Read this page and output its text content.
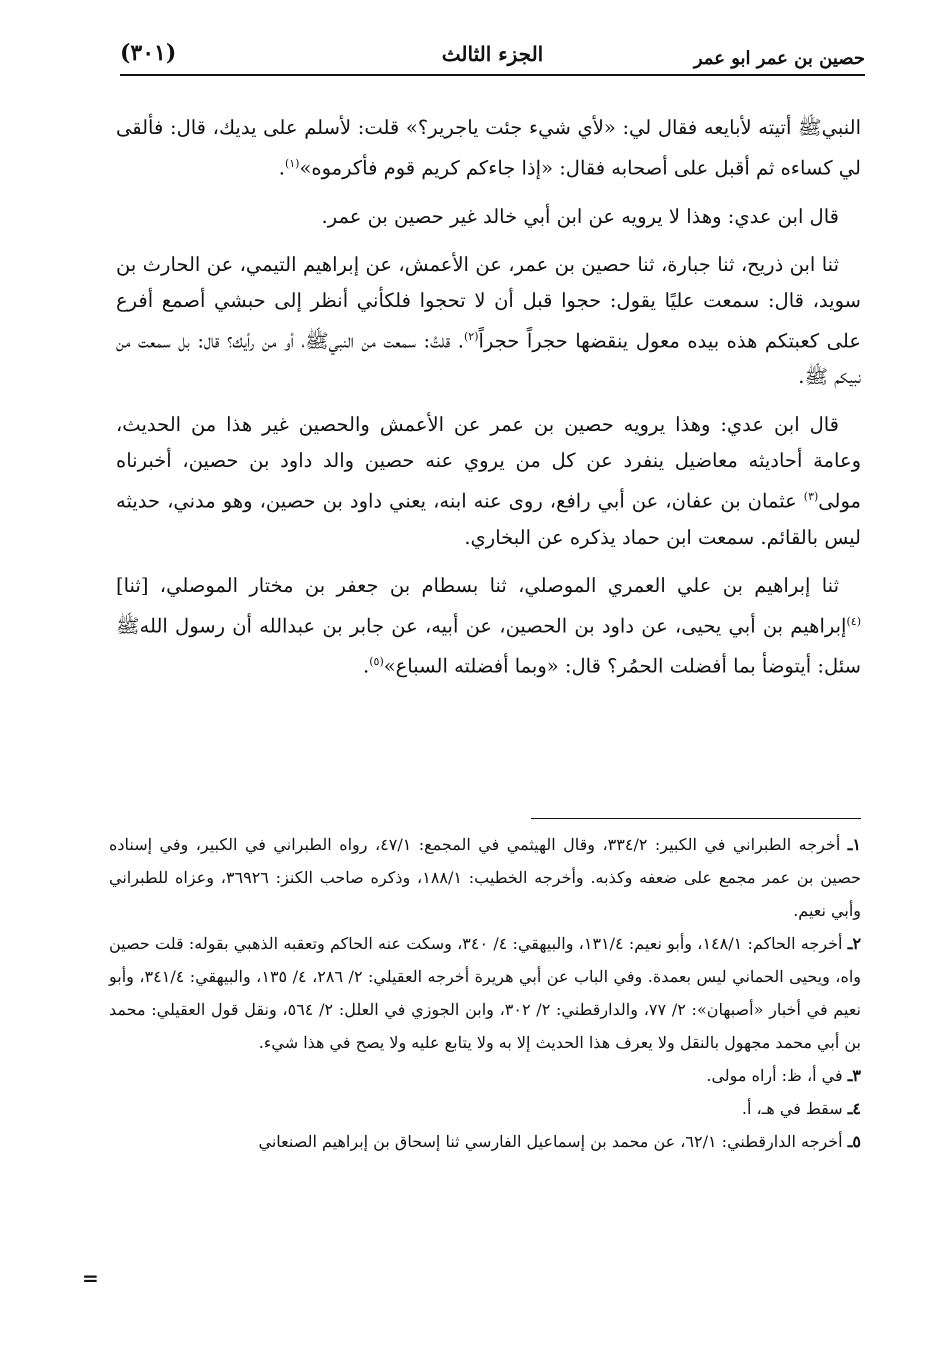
حصين بن عمر ابو عمر
الجزء الثالث
(٣٠١)

النبيﷺ أتيته لأبايعه فقال لي: «لأي شيء جئت ياجرير؟» قلت: لأسلم على يديك، قال: فألقى لي كساءه ثم أقبل على أصحابه فقال: «إذا جاءكم كريم قوم فأكرموه»$^{(١)}$.

قال ابن عدي: وهذا لا يرويه عن ابن أبي خالد غير حصين بن عمر.

ثنا ابن ذريح، ثنا جبارة، ثنا حصين بن عمر، عن الأعمش، عن إبراهيم التيمي، عن الحارث بن سويد، قال: سمعت عليًا يقول: حجوا قبل أن لا تحجوا فلكأني أنظر إلى حبشي أصمع أفرع على كعبتكم هذه بيده معول ينقضها حجراً حجراً$^{(٢)}$. قلتُ: سمعت من النبيﷺ، أو من رأيك؟ قال: بل سمعت من نبيكم ﷺ.

قال ابن عدي: وهذا يرويه حصين بن عمر عن الأعمش والحصين غير هذا من الحديث، وعامة أحاديثه معاضيل ينفرد عن كل من يروي عنه حصين والد داود بن حصين، أخبرناه مولى$^{(٣)}$ عثمان بن عفان، عن أبي رافع، روى عنه ابنه، يعني داود بن حصين، وهو مدني، حديثه ليس بالقائم. سمعت ابن حماد يذكره عن البخاري.

ثنا إبراهيم بن علي العمري الموصلي، ثنا بسطام بن جعفر بن مختار الموصلي، [ثنا]$^{(٤)}$إبراهيم بن أبي يحيى، عن داود بن الحصين، عن أبيه، عن جابر بن عبدالله أن رسول اللهﷺ سئل: أيتوضأ بما أفضلت الحمُر؟ قال: «وبما أفضلته السباع»$^{(٥)}$.

١ـ أخرجه الطبراني في الكبير: ٣٣٤/٢، وقال الهيثمي في المجمع: ٤٧/١، رواه الطبراني في الكبير، وفي إسناده حصين بن عمر مجمع على ضعفه وكذبه. وأخرجه الخطيب: ١٨٨/١، وذكره صاحب الكنز: ٣٦٩٢٦، وعزاه للطبراني وأبي نعيم.

٢ـ أخرجه الحاكم: ١٤٨/١، وأبو نعيم: ١٣١/٤، والبيهقي: ٤/ ٣٤٠، وسكت عنه الحاكم وتعقبه الذهبي بقوله: قلت حصين واه، ويحيى الحماني ليس بعمدة. وفي الباب عن أبي هريرة أخرجه العقيلي: ٢/ ٢٨٦، ٤/ ١٣٥، والبيهقي: ٣٤١/٤، وأبو نعيم في أخبار «أصبهان»: ٢/ ٧٧، والدارقطني: ٢/ ٣٠٢، وابن الجوزي في العلل: ٢/ ٥٦٤، ونقل قول العقيلي: محمد بن أبي محمد مجهول بالنقل ولا يعرف هذا الحديث إلا به ولا يتابع عليه ولا يصح في هذا شيء.

٣ـ في أ، ظ: أراه مولى.

٤ـ سقط في هـ، أ.

٥ـ أخرجه الدارقطني: ٦٢/١، عن محمد بن إسماعيل الفارسي ثنا إسحاق بن إبراهيم الصنعاني

=
